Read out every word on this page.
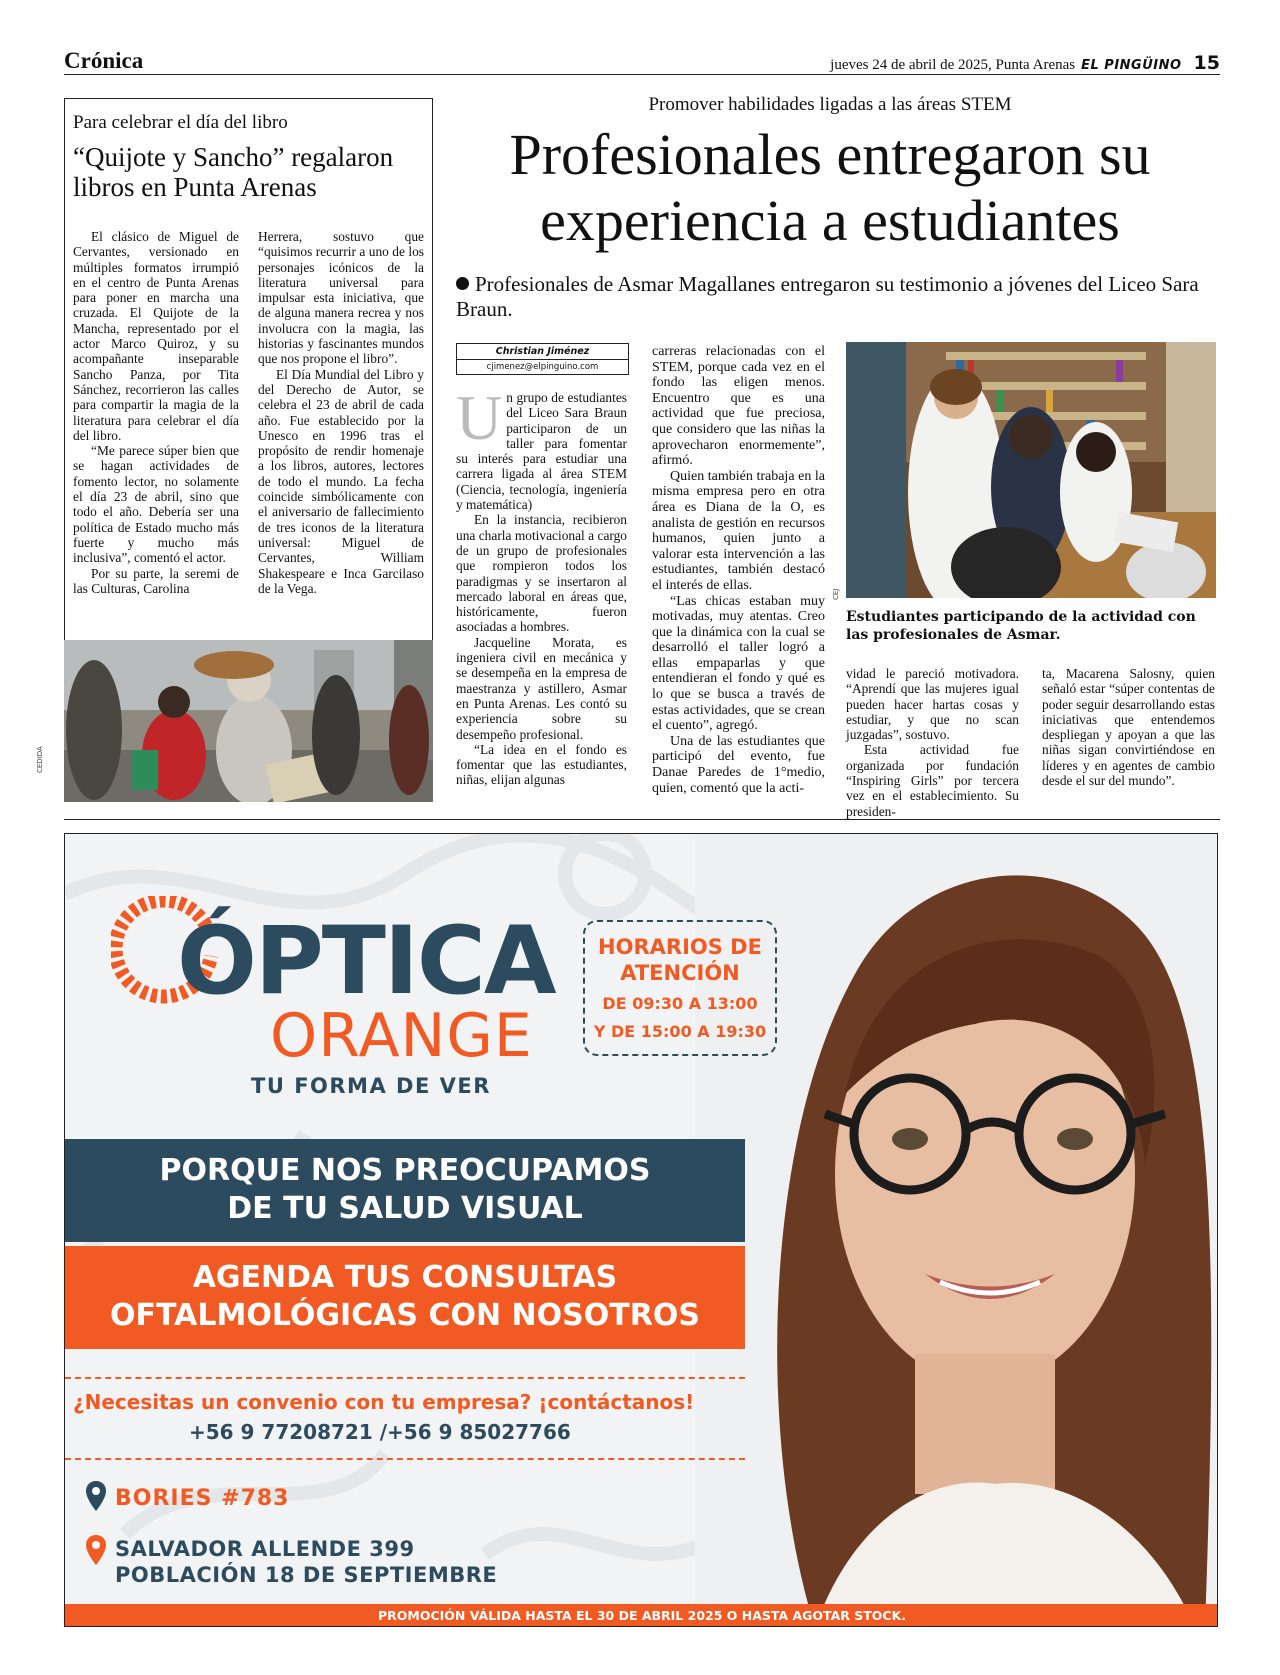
Crónica	jueves 24 de abril de 2025, Punta Arenas EL PINGÜINO 15
Para celebrar el día del libro
“Quijote y Sancho” regalaron libros en Punta Arenas

El clásico de Miguel de Cervantes, versionado en múltiples formatos irrumpió en el centro de Punta Arenas para poner en marcha una cruzada. El Quijote de la Mancha, representado por el actor Marco Quiroz, y su acompañante inseparable Sancho Panza, por Tita Sánchez, recorrieron las calles para compartir la magia de la literatura para celebrar el día del libro.

“Me parece súper bien que se hagan actividades de fomento lector, no solamente el día 23 de abril, sino que todo el año. Debería ser una política de Estado mucho más fuerte y mucho más inclusiva”, comentó el actor.

Por su parte, la seremi de las Culturas, Carolina

Herrera, sostuvo que “quisimos recurrir a uno de los personajes icónicos de la literatura universal para impulsar esta iniciativa, que de alguna manera recrea y nos involucra con la magia, las historias y fascinantes mundos que nos propone el libro”.

El Día Mundial del Libro y del Derecho de Autor, se celebra el 23 de abril de cada año. Fue establecido por la Unesco en 1996 tras el propósito de rendir homenaje a los libros, autores, lectores de todo el mundo. La fecha coincide simbólicamente con el aniversario de fallecimiento de tres iconos de la literatura universal: Miguel de Cervantes, William Shakespeare e Inca Garcilaso de la Vega.

CEDIDA
Promover habilidades ligadas a las áreas STEM
Profesionales entregaron su experiencia a estudiantes
Profesionales de Asmar Magallanes entregaron su testimonio a jóvenes del Liceo Sara Braun.
Christian Jiménez
cjimenez@elpinguino.com

Un grupo de estudiantes del Liceo Sara Braun participaron de un taller para fomentar su interés para estudiar una carrera ligada al área STEM (Ciencia, tecnología, ingeniería y matemática)

En la instancia, recibieron una charla motivacional a cargo de un grupo de profesionales que rompieron todos los paradigmas y se insertaron al mercado laboral en áreas que, históricamente, fueron asociadas a hombres.

Jacqueline Morata, es ingeniera civil en mecánica y se desempeña en la empresa de maestranza y astillero, Asmar en Punta Arenas. Les contó su experiencia sobre su desempeño profesional.

“La idea en el fondo es fomentar que las estudiantes, niñas, elijan algunas

carreras relacionadas con el STEM, porque cada vez en el fondo las eligen menos. Encuentro que es una actividad que fue preciosa, que considero que las niñas la aprovecharon enormemente”, afirmó.

Quien también trabaja en la misma empresa pero en otra área es Diana de la O, es analista de gestión en recursos humanos, quien junto a valorar esta intervención a las estudiantes, también destacó el interés de ellas.

“Las chicas estaban muy motivadas, muy atentas. Creo que la dinámica con la cual se desarrolló el taller logró a ellas empaparlas y que entendieran el fondo y qué es lo que se busca a través de estas actividades, que se crean el cuento”, agregó.

Una de las estudiantes que participó del evento, fue Danae Paredes de 1°medio, quien, comentó que la acti-

CEJ
Estudiantes participando de la actividad con las profesionales de Asmar.

vidad le pareció motivadora. “Aprendí que las mujeres igual pueden hacer hartas cosas y estudiar, y que no scan juzgadas”, sostuvo.

Esta actividad fue organizada por fundación “Inspiring Girls” por tercera vez en el establecimiento. Su presiden-

ta, Macarena Salosny, quien señaló estar “súper contentas de poder seguir desarrollando estas iniciativas que entendemos despliegan y apoyan a que las niñas sigan convirtiéndose en líderes y en agentes de cambio desde el sur del mundo”.

ÓPTICA
ORANGE
TU FORMA DE VER
HORARIOS DE ATENCIÓN
DE 09:30 A 13:00
Y DE 15:00 A 19:30
PORQUE NOS PREOCUPAMOS DE TU SALUD VISUAL
AGENDA TUS CONSULTAS OFTALMOLÓGICAS CON NOSOTROS
¿Necesitas un convenio con tu empresa? ¡contáctanos!
+56 9 77208721 /+56 9 85027766
BORIES #783
SALVADOR ALLENDE 399
POBLACIÓN 18 DE SEPTIEMBRE
PROMOCIÓN VÁLIDA HASTA EL 30 DE ABRIL 2025 O HASTA AGOTAR STOCK.
